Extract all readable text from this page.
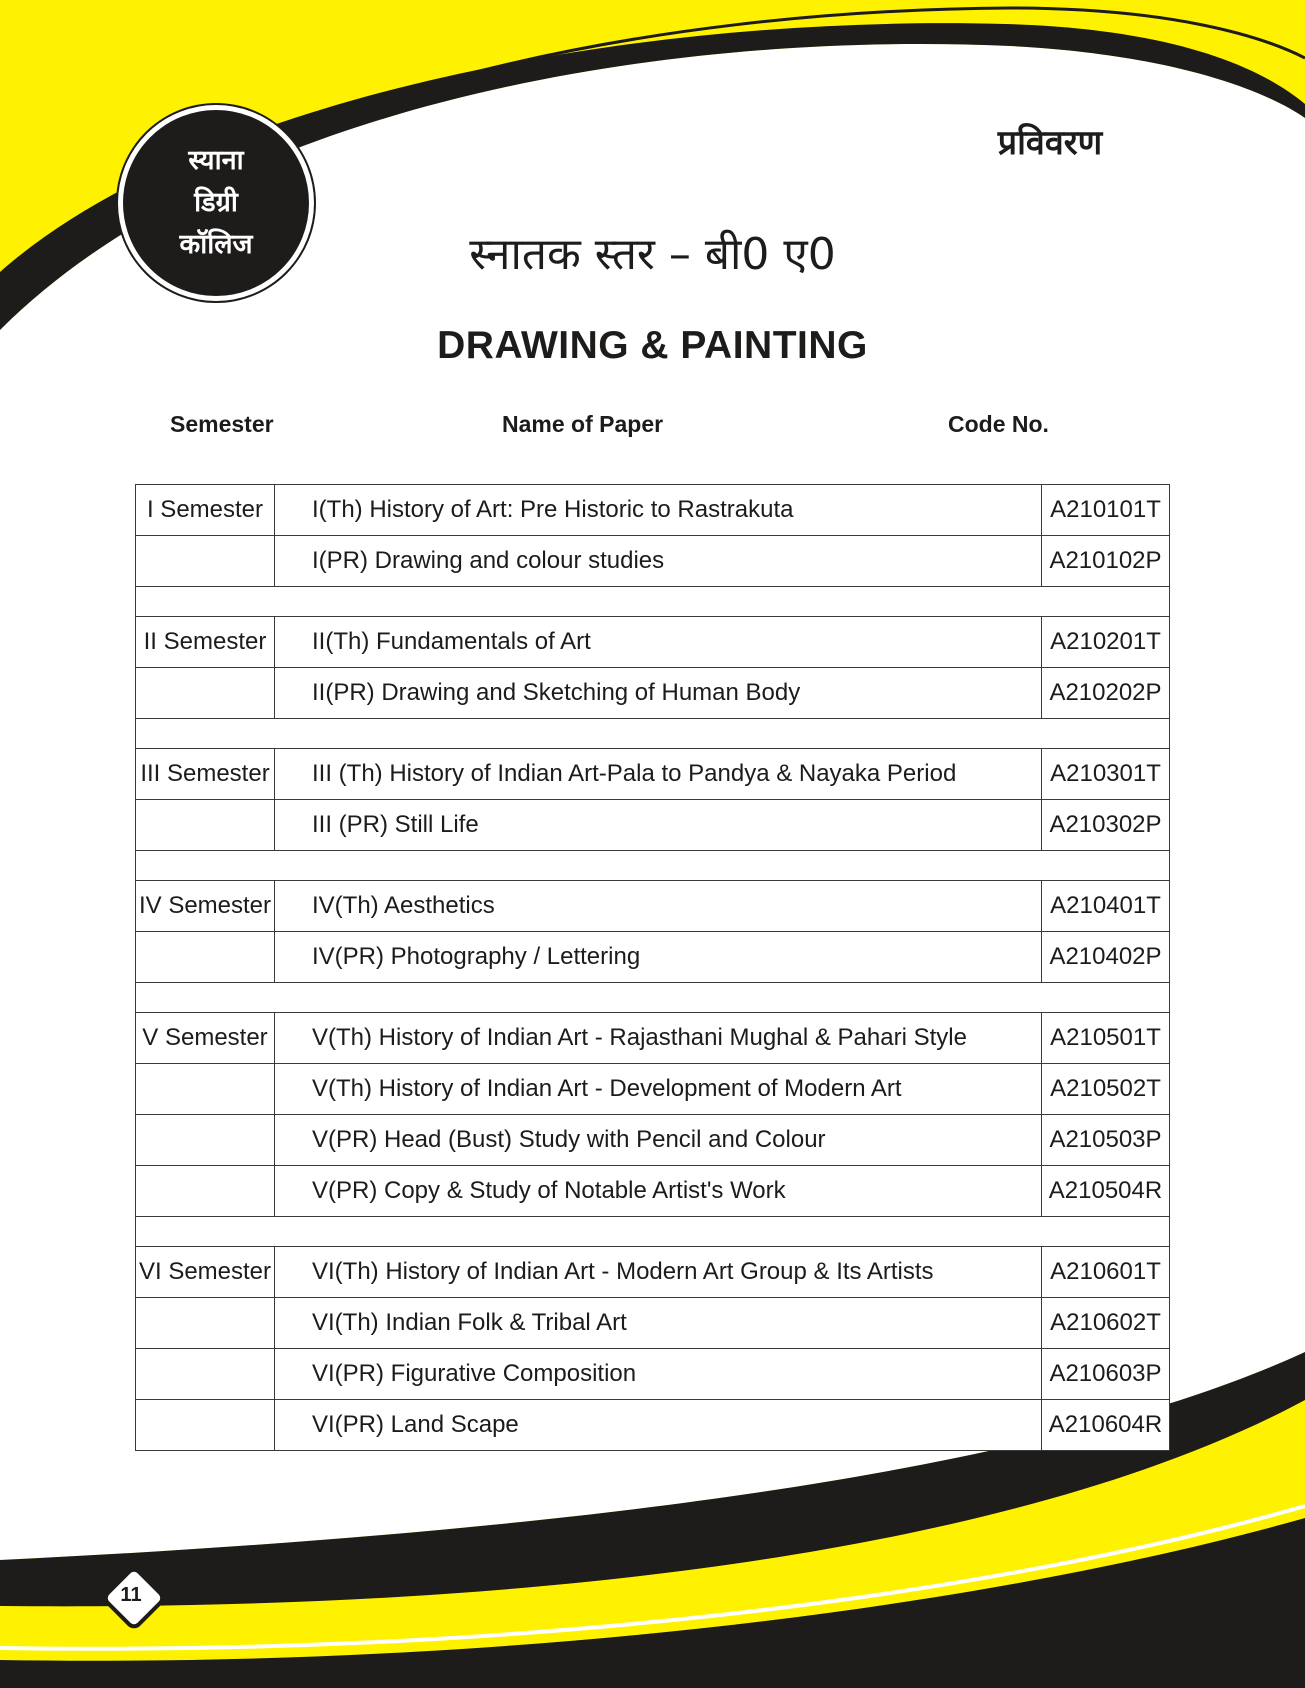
स्याना
डिग्री
कॉलिज
प्रविवरण
स्नातक स्तर – बी0 ए0
DRAWING & PAINTING
Semester	Name of Paper	Code No.
I Semester	I(Th) History of Art: Pre Historic to Rastrakuta	A210101T
	I(PR) Drawing and colour studies	A210102P

II Semester	II(Th) Fundamentals of Art	A210201T
	II(PR) Drawing and Sketching of Human Body	A210202P

III Semester	III (Th) History of Indian Art-Pala to Pandya & Nayaka Period	A210301T
	III (PR) Still Life	A210302P

IV Semester	IV(Th) Aesthetics	A210401T
	IV(PR) Photography / Lettering	A210402P

V Semester	V(Th) History of Indian Art - Rajasthani Mughal & Pahari Style	A210501T
	V(Th) History of Indian Art - Development of Modern Art	A210502T
	V(PR) Head (Bust) Study with Pencil and Colour	A210503P
	V(PR) Copy & Study of Notable Artist's Work	A210504R

VI Semester	VI(Th) History of Indian Art - Modern Art Group & Its Artists	A210601T
	VI(Th) Indian Folk & Tribal Art	A210602T
	VI(PR) Figurative Composition	A210603P
	VI(PR) Land Scape	A210604R
11
